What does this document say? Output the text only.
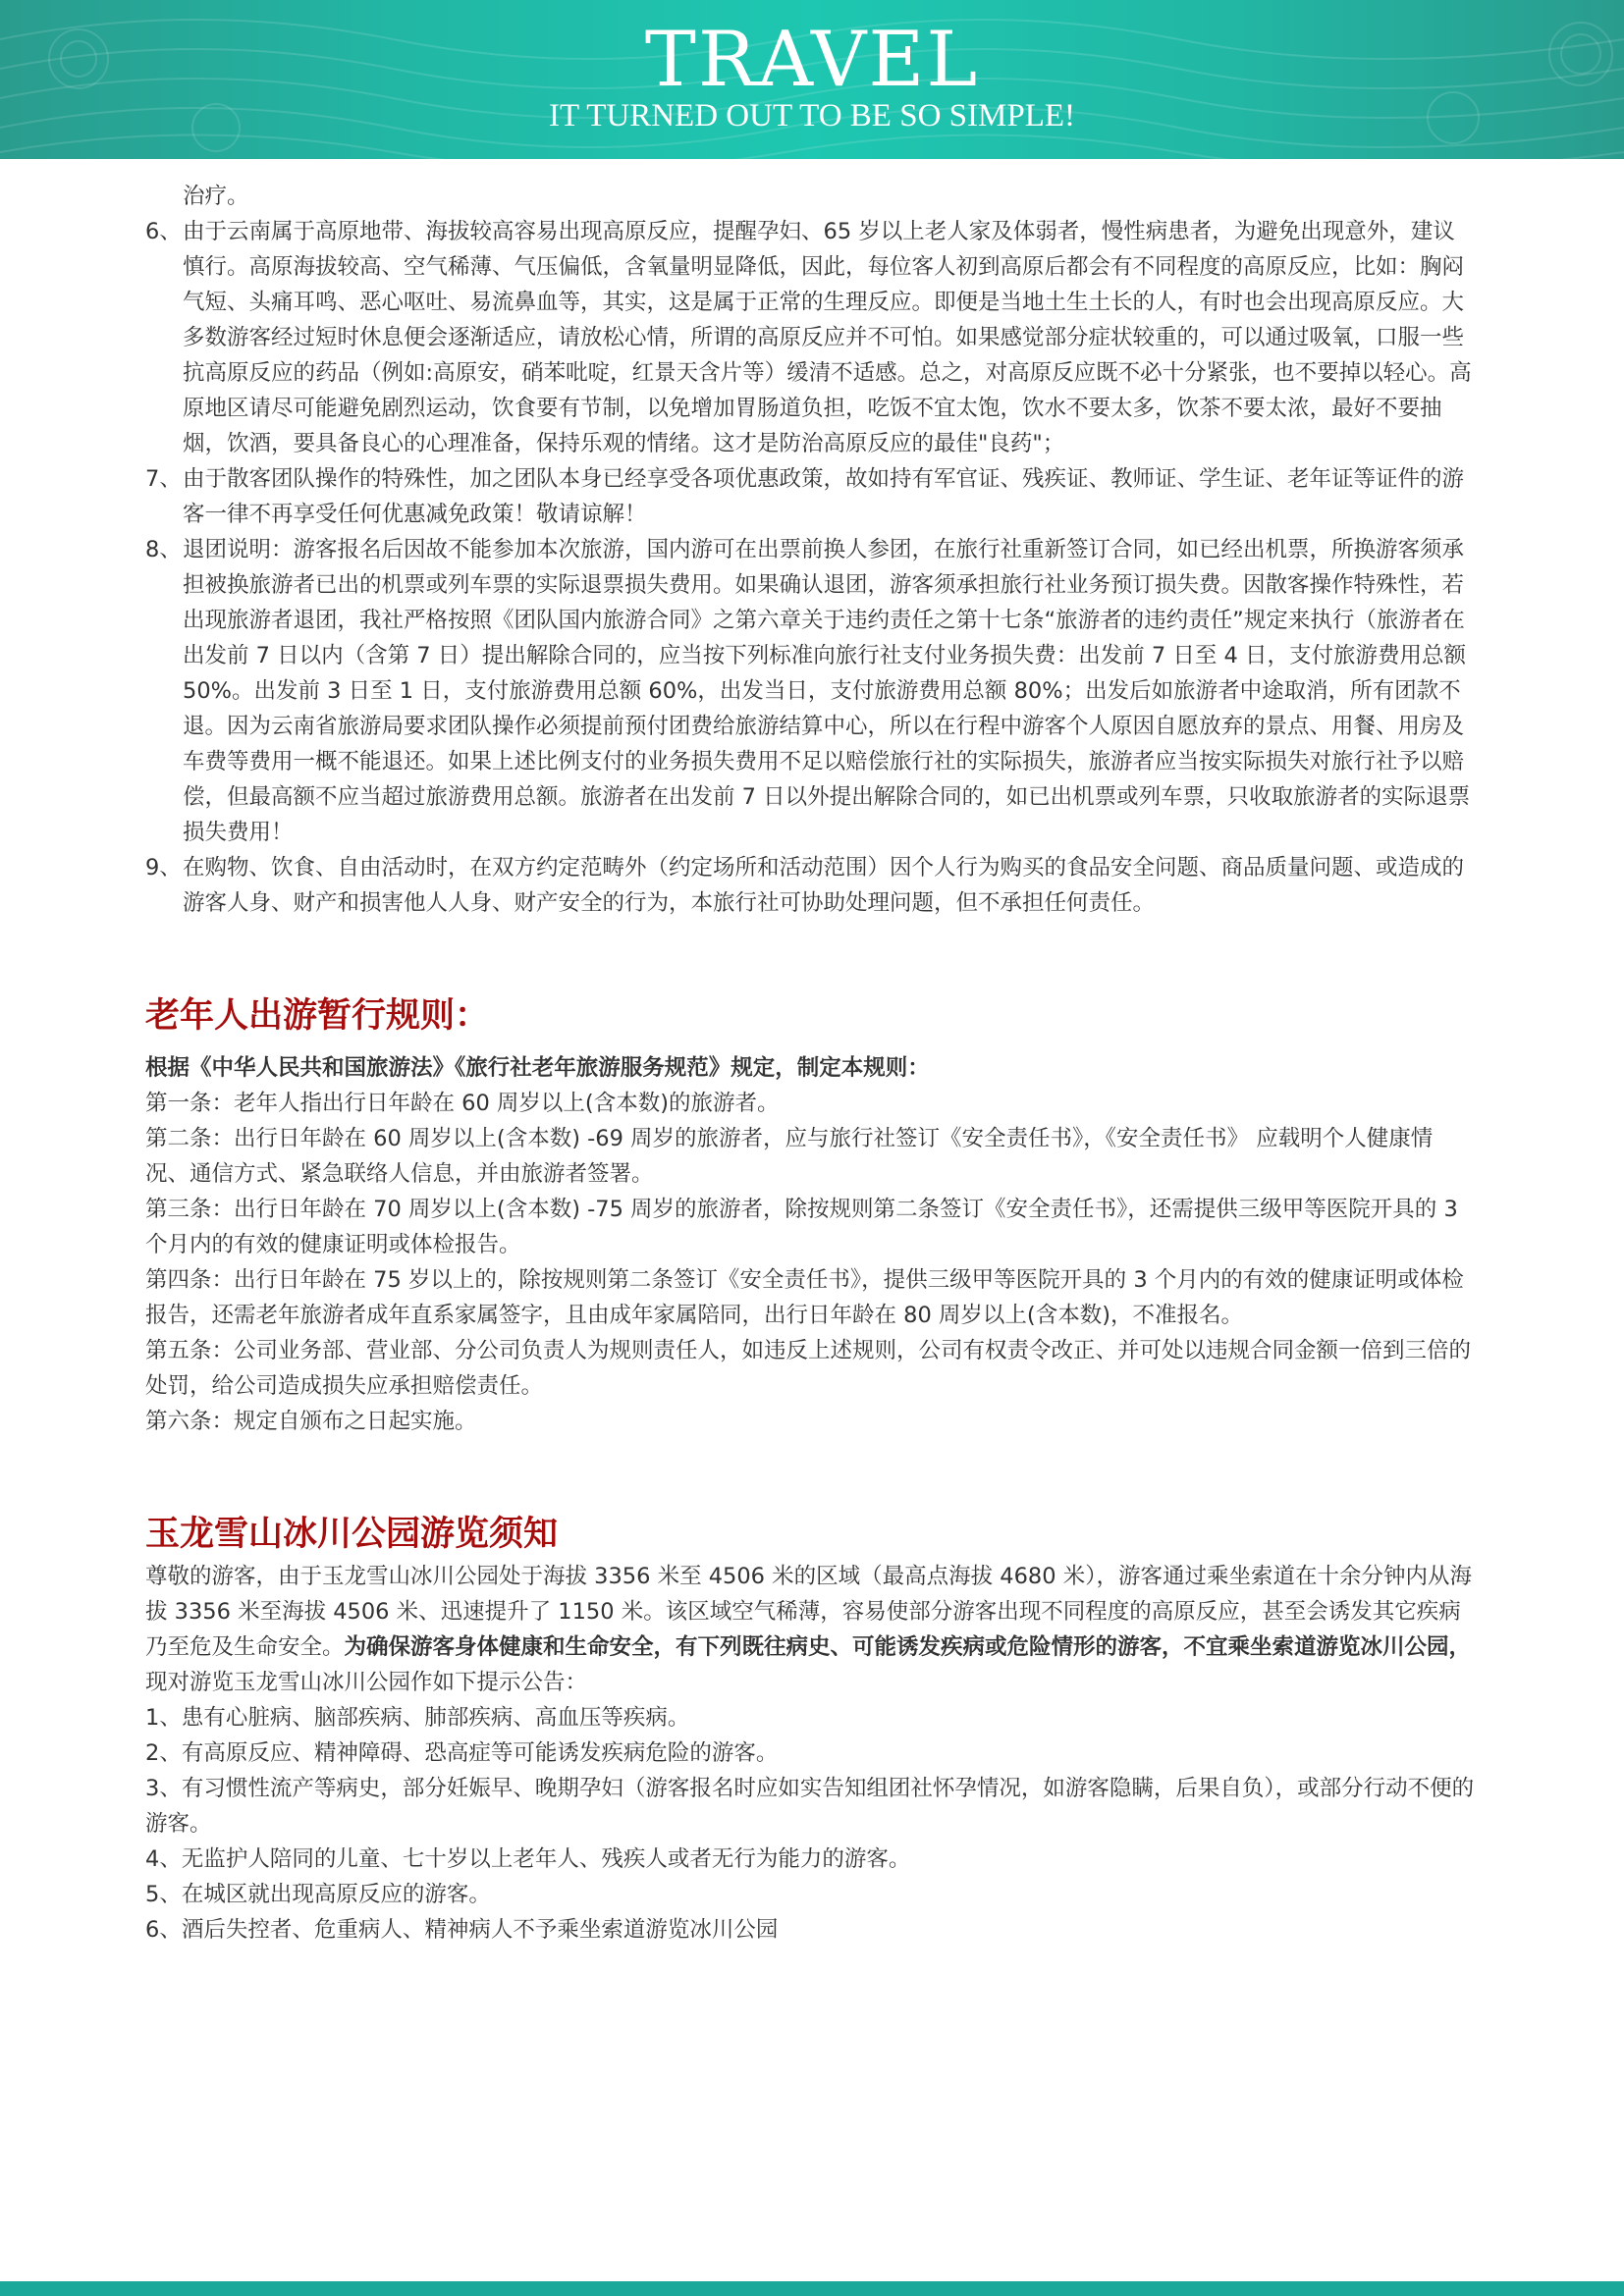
TRAVEL
IT TURNED OUT TO BE SO SIMPLE!
治疗。
6、 由于云南属于高原地带、海拔较高容易出现高原反应，提醒孕妇、65 岁以上老人家及体弱者，慢性病患者，为避免出现意外，建议慎行。高原海拔较高、空气稀薄、气压偏低，含氧量明显降低，因此，每位客人初到高原后都会有不同程度的高原反应，比如：胸闷气短、头痛耳鸣、恶心呕吐、易流鼻血等，其实，这是属于正常的生理反应。即便是当地土生土长的人，有时也会出现高原反应。大多数游客经过短时休息便会逐渐适应，请放松心情，所谓的高原反应并不可怕。如果感觉部分症状较重的，可以通过吸氧，口服一些抗高原反应的药品（例如:高原安，硝苯吡啶，红景天含片等）缓清不适感。总之，对高原反应既不必十分紧张，也不要掉以轻心。高原地区请尽可能避免剧烈运动，饮食要有节制，以免增加胃肠道负担，吃饭不宜太饱，饮水不要太多，饮茶不要太浓，最好不要抽烟，饮酒，要具备良心的心理准备，保持乐观的情绪。这才是防治高原反应的最佳"良药"；
7、 由于散客团队操作的特殊性，加之团队本身已经享受各项优惠政策，故如持有军官证、残疾证、教师证、学生证、老年证等证件的游客一律不再享受任何优惠减免政策！敬请谅解！
8、 退团说明：游客报名后因故不能参加本次旅游，国内游可在出票前换人参团，在旅行社重新签订合同，如已经出机票，所换游客须承担被换旅游者已出的机票或列车票的实际退票损失费用。如果确认退团，游客须承担旅行社业务预订损失费。因散客操作特殊性，若出现旅游者退团，我社严格按照《团队国内旅游合同》之第六章关于违约责任之第十七条“旅游者的违约责任”规定来执行（旅游者在出发前 7 日以内（含第 7 日）提出解除合同的，应当按下列标准向旅行社支付业务损失费：出发前 7 日至 4 日，支付旅游费用总额 50%。出发前 3 日至 1 日，支付旅游费用总额 60%，出发当日，支付旅游费用总额 80%；出发后如旅游者中途取消，所有团款不退。因为云南省旅游局要求团队操作必须提前预付团费给旅游结算中心，所以在行程中游客个人原因自愿放弃的景点、用餐、用房及车费等费用一概不能退还。如果上述比例支付的业务损失费用不足以赔偿旅行社的实际损失，旅游者应当按实际损失对旅行社予以赔偿，但最高额不应当超过旅游费用总额。旅游者在出发前 7 日以外提出解除合同的，如已出机票或列车票，只收取旅游者的实际退票损失费用！
9、 在购物、饮食、自由活动时，在双方约定范畴外（约定场所和活动范围）因个人行为购买的食品安全问题、商品质量问题、或造成的游客人身、财产和损害他人人身、财产安全的行为，本旅行社可协助处理问题，但不承担任何责任。
老年人出游暂行规则：

根据《中华人民共和国旅游法》《旅行社老年旅游服务规范》规定，制定本规则：

第一条：老年人指出行日年龄在 60 周岁以上(含本数)的旅游者。

第二条：出行日年龄在 60 周岁以上(含本数) -69 周岁的旅游者，应与旅行社签订《安全责任书》，《安全责任书》 应载明个人健康情况、通信方式、紧急联络人信息，并由旅游者签署。

第三条：出行日年龄在 70 周岁以上(含本数) -75 周岁的旅游者，除按规则第二条签订《安全责任书》，还需提供三级甲等医院开具的 3 个月内的有效的健康证明或体检报告。

第四条：出行日年龄在 75 岁以上的，除按规则第二条签订《安全责任书》，提供三级甲等医院开具的 3 个月内的有效的健康证明或体检报告，还需老年旅游者成年直系家属签字，且由成年家属陪同，出行日年龄在 80 周岁以上(含本数)，不准报名。

第五条：公司业务部、营业部、分公司负责人为规则责任人，如违反上述规则，公司有权责令改正、并可处以违规合同金额一倍到三倍的处罚，给公司造成损失应承担赔偿责任。

第六条：规定自颁布之日起实施。

玉龙雪山冰川公园游览须知

尊敬的游客，由于玉龙雪山冰川公园处于海拔 3356 米至 4506 米的区域（最高点海拔 4680 米），游客通过乘坐索道在十余分钟内从海拔 3356 米至海拔 4506 米、迅速提升了 1150 米。该区域空气稀薄，容易使部分游客出现不同程度的高原反应，甚至会诱发其它疾病乃至危及生命安全。为确保游客身体健康和生命安全，有下列既往病史、可能诱发疾病或危险情形的游客，不宜乘坐索道游览冰川公园，现对游览玉龙雪山冰川公园作如下提示公告：

1、患有心脏病、脑部疾病、肺部疾病、高血压等疾病。

2、有高原反应、精神障碍、恐高症等可能诱发疾病危险的游客。

3、有习惯性流产等病史，部分妊娠早、晚期孕妇（游客报名时应如实告知组团社怀孕情况，如游客隐瞒，后果自负），或部分行动不便的游客。

4、无监护人陪同的儿童、七十岁以上老年人、残疾人或者无行为能力的游客。

5、在城区就出现高原反应的游客。

6、酒后失控者、危重病人、精神病人不予乘坐索道游览冰川公园
